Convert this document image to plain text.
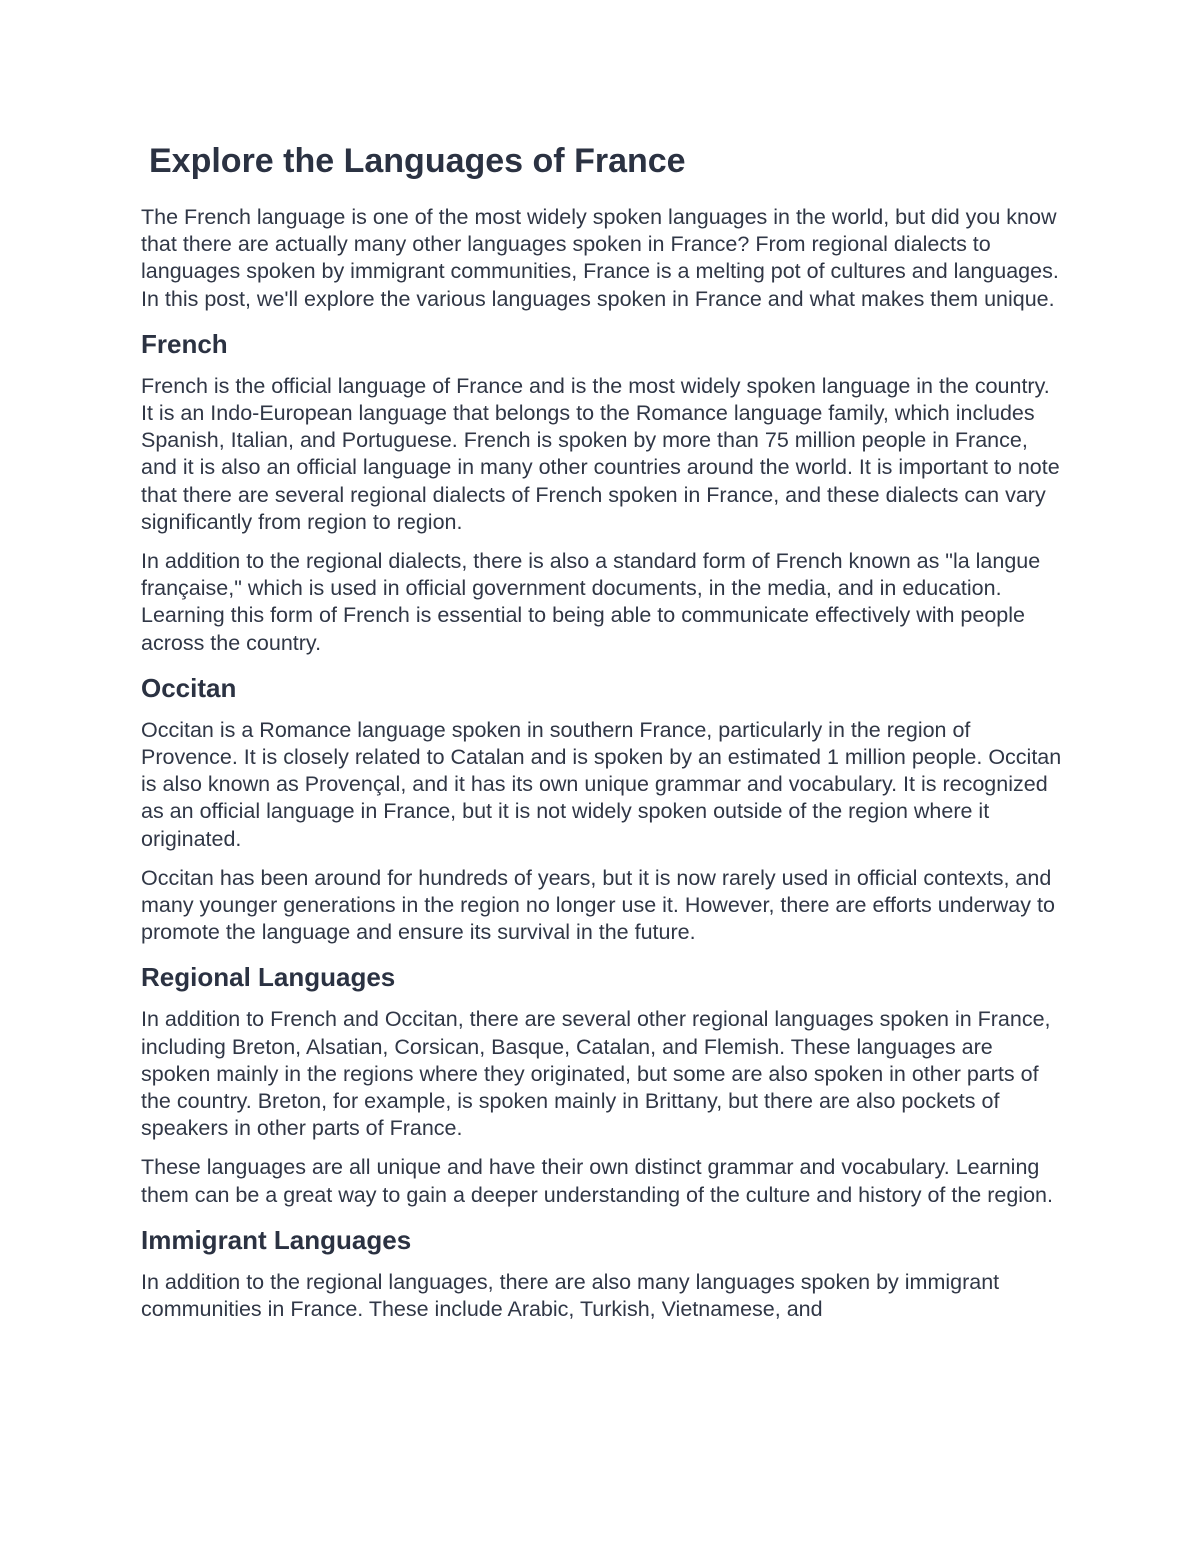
Explore the Languages of France

The French language is one of the most widely spoken languages in the world, but did you know that there are actually many other languages spoken in France? From regional dialects to languages spoken by immigrant communities, France is a melting pot of cultures and languages. In this post, we'll explore the various languages spoken in France and what makes them unique.

French

French is the official language of France and is the most widely spoken language in the country. It is an Indo-European language that belongs to the Romance language family, which includes Spanish, Italian, and Portuguese. French is spoken by more than 75 million people in France, and it is also an official language in many other countries around the world. It is important to note that there are several regional dialects of French spoken in France, and these dialects can vary significantly from region to region.

In addition to the regional dialects, there is also a standard form of French known as "la langue française," which is used in official government documents, in the media, and in education. Learning this form of French is essential to being able to communicate effectively with people across the country.

Occitan

Occitan is a Romance language spoken in southern France, particularly in the region of Provence. It is closely related to Catalan and is spoken by an estimated 1 million people. Occitan is also known as Provençal, and it has its own unique grammar and vocabulary. It is recognized as an official language in France, but it is not widely spoken outside of the region where it originated.

Occitan has been around for hundreds of years, but it is now rarely used in official contexts, and many younger generations in the region no longer use it. However, there are efforts underway to promote the language and ensure its survival in the future.

Regional Languages

In addition to French and Occitan, there are several other regional languages spoken in France, including Breton, Alsatian, Corsican, Basque, Catalan, and Flemish. These languages are spoken mainly in the regions where they originated, but some are also spoken in other parts of the country. Breton, for example, is spoken mainly in Brittany, but there are also pockets of speakers in other parts of France.

These languages are all unique and have their own distinct grammar and vocabulary. Learning them can be a great way to gain a deeper understanding of the culture and history of the region.

Immigrant Languages

In addition to the regional languages, there are also many languages spoken by immigrant communities in France. These include Arabic, Turkish, Vietnamese, and
